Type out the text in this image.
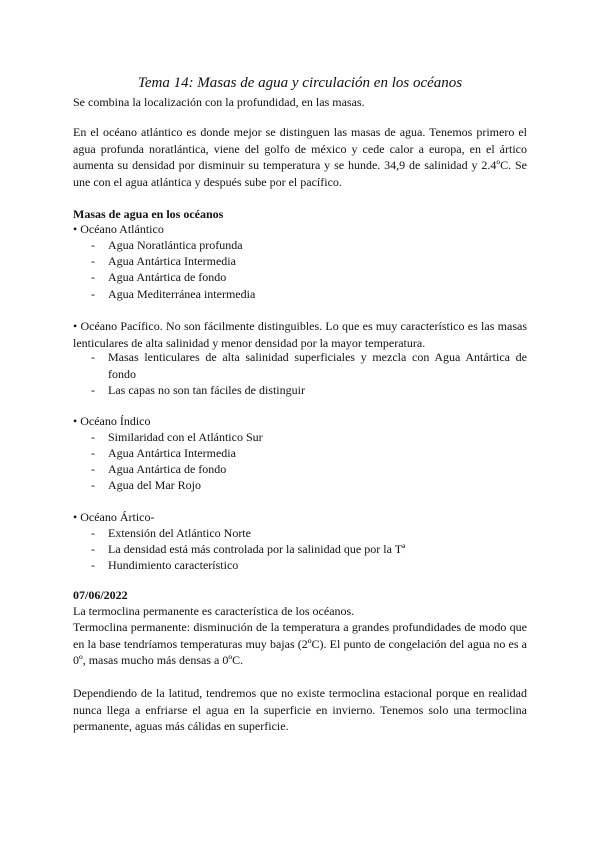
Tema 14: Masas de agua y circulación en los océanos
Se combina la localización con la profundidad, en las masas.

En el océano atlántico es donde mejor se distinguen las masas de agua. Tenemos primero el agua profunda noratlántica, viene del golfo de méxico y cede calor a europa, en el ártico aumenta su densidad por disminuir su temperatura y se hunde. 34,9 de salinidad y 2.4ºC. Se une con el agua atlántica y después sube por el pacífico.

Masas de agua en los océanos
• Océano Atlántico
- Agua Noratlántica profunda
- Agua Antártica Intermedia
- Agua Antártica de fondo
- Agua Mediterránea intermedia

• Océano Pacífico. No son fácilmente distinguibles. Lo que es muy característico es las masas lenticulares de alta salinidad y menor densidad por la mayor temperatura.

- Masas lenticulares de alta salinidad superficiales y mezcla con Agua Antártica de fondo

- Las capas no son tan fáciles de distinguir
• Océano Índico
- Similaridad con el Atlántico Sur
- Agua Antártica Intermedia
- Agua Antártica de fondo
- Agua del Mar Rojo
• Océano Ártico-
- Extensión del Atlántico Norte
- La densidad está más controlada por la salinidad que por la Tª
- Hundimiento característico
07/06/2022
La termoclina permanente es característica de los océanos.

Termoclina permanente: disminución de la temperatura a grandes profundidades de modo que en la base tendríamos temperaturas muy bajas (2ºC). El punto de congelación del agua no es a 0º, masas mucho más densas a 0ºC.

Dependiendo de la latitud, tendremos que no existe termoclina estacional porque en realidad nunca llega a enfriarse el agua en la superficie en invierno. Tenemos solo una termoclina permanente, aguas más cálidas en superficie.
